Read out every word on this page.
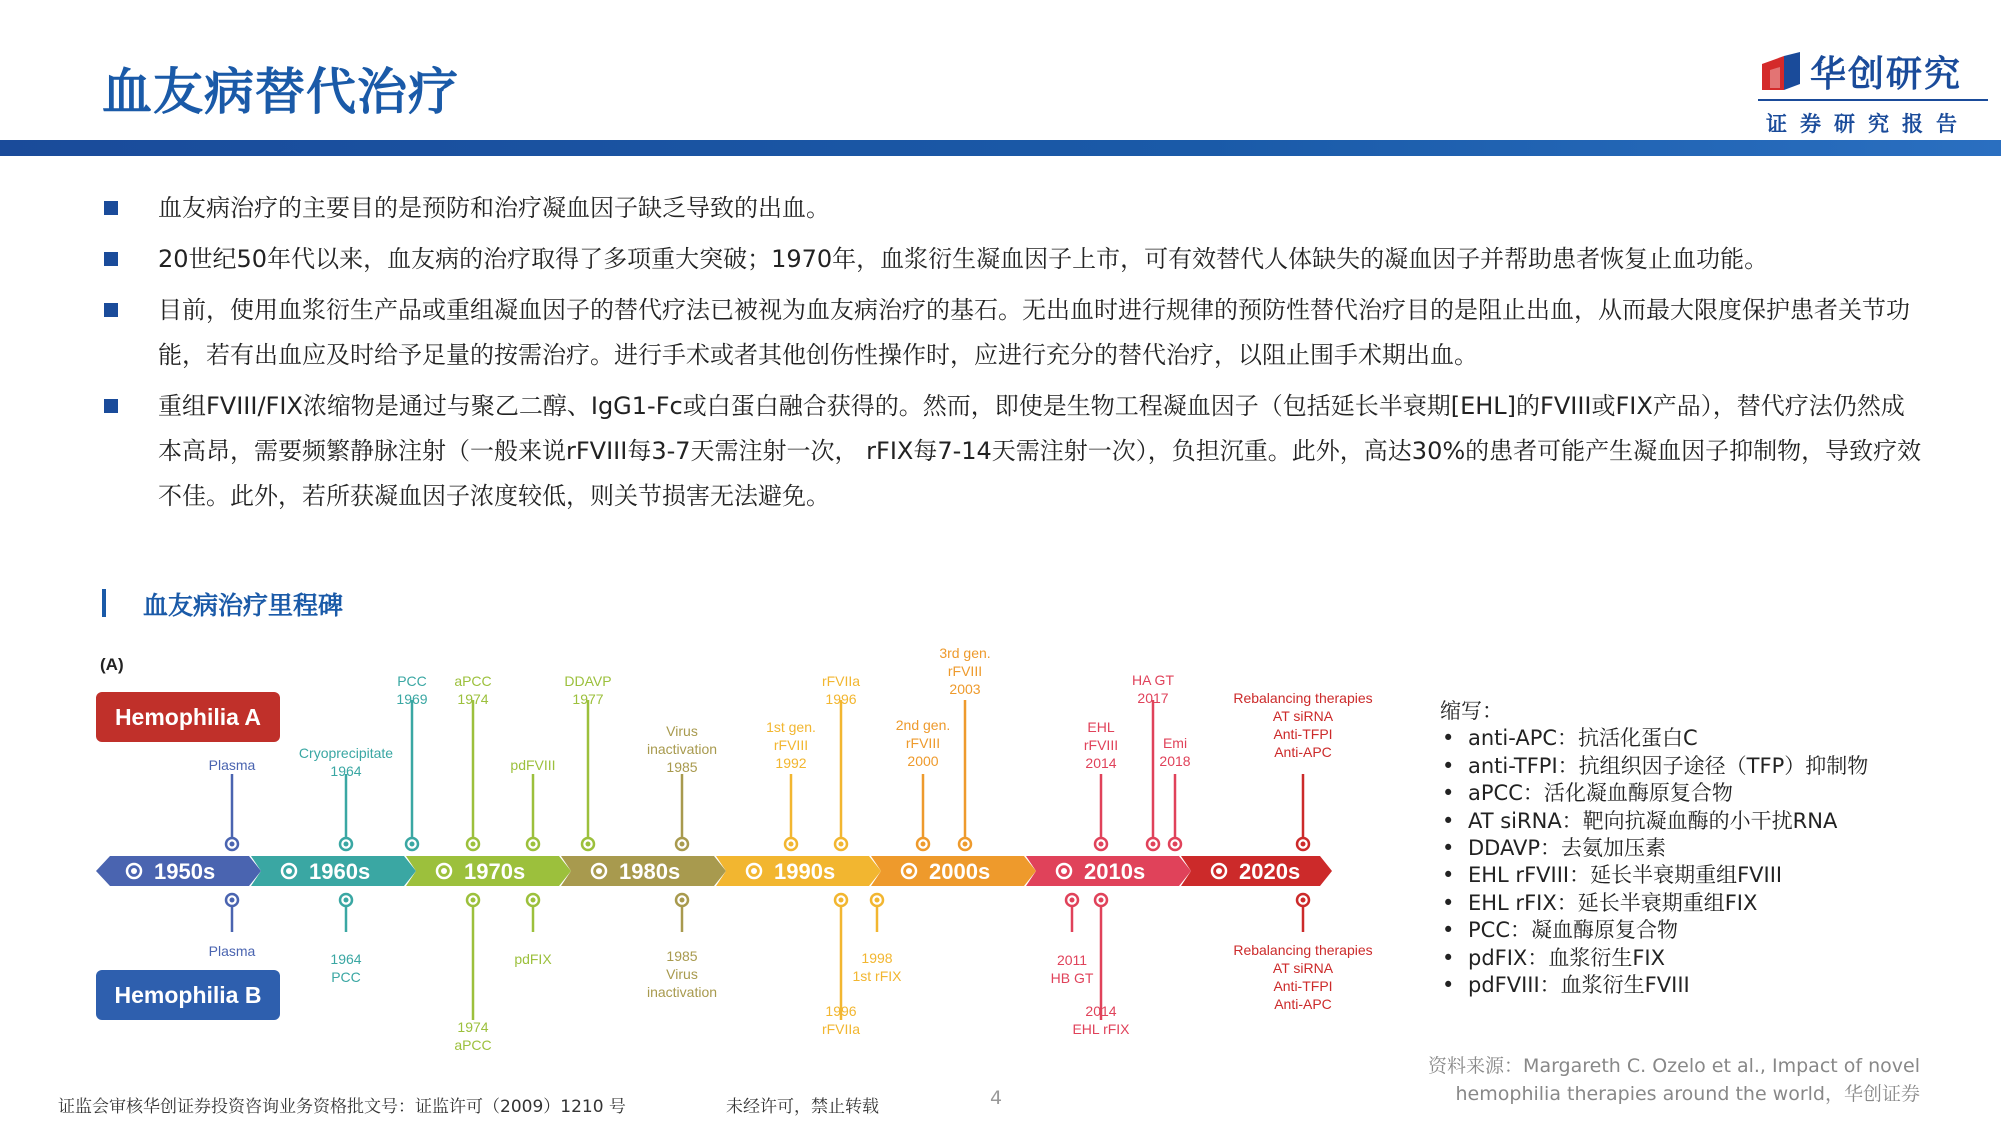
血友病替代治疗	华创研究
证券研究报告
血友病治疗的主要目的是预防和治疗凝血因子缺乏导致的出血。
20世纪50年代以来，血友病的治疗取得了多项重大突破；1970年，血浆衍生凝血因子上市，可有效替代人体缺失的凝血因子并帮助患者恢复止血功能。
目前，使用血浆衍生产品或重组凝血因子的替代疗法已被视为血友病治疗的基石。无出血时进行规律的预防性替代治疗目的是阻止出血，从而最大限度保护患者关节功能，若有出血应及时给予足量的按需治疗。进行手术或者其他创伤性操作时，应进行充分的替代治疗，以阻止围手术期出血。
重组FVIII/FIX浓缩物是通过与聚乙二醇、IgG1-Fc或白蛋白融合获得的。然而，即使是生物工程凝血因子（包括延长半衰期[EHL]的FVIII或FIX产品），替代疗法仍然成本高昂，需要频繁静脉注射（一般来说rFVIII每3-7天需注射一次， rFIX每7-14天需注射一次），负担沉重。此外，高达30%的患者可能产生凝血因子抑制物，导致疗效不佳。此外，若所获凝血因子浓度较低，则关节损害无法避免。
血友病治疗里程碑
(A)
Hemophilia A
Hemophilia B
1950s	1960s	1970s	1980s	1990s	2000s	2010s	2020s
Plasma
Cryoprecipitate 1964
PCC 1969
aPCC 1974
pdFVIII
DDAVP 1977
Virus inactivation 1985
1st gen. rFVIII 1992
rFVIIa 1996
2nd gen. rFVIII 2000
3rd gen. rFVIII 2003
EHL rFVIII 2014
HA GT 2017
Emi 2018
Rebalancing therapies AT siRNA Anti-TFPI Anti-APC
Plasma	1964 PCC
1974 aPCC
pdFIX	1985 Virus inactivation
1996 rFVIIa
1998 1st rFIX
2011 HB GT
2014 EHL rFIX
Rebalancing therapies AT siRNA Anti-TFPI Anti-APC
缩写：
• anti-APC：抗活化蛋白C
• anti-TFPI：抗组织因子途径（TFP）抑制物
• aPCC：活化凝血酶原复合物
• AT siRNA：靶向抗凝血酶的小干扰RNA
• DDAVP：去氨加压素
• EHL rFVIII：延长半衰期重组FVIII
• EHL rFIX：延长半衰期重组FIX
• PCC：凝血酶原复合物
• pdFIX：血浆衍生FIX
• pdFVIII：血浆衍生FVIII
资料来源：Margareth C. Ozelo et al., Impact of novel
hemophilia therapies around the world，华创证券
证监会审核华创证券投资咨询业务资格批文号：证监许可（2009）1210 号	未经许可，禁止转载	4
